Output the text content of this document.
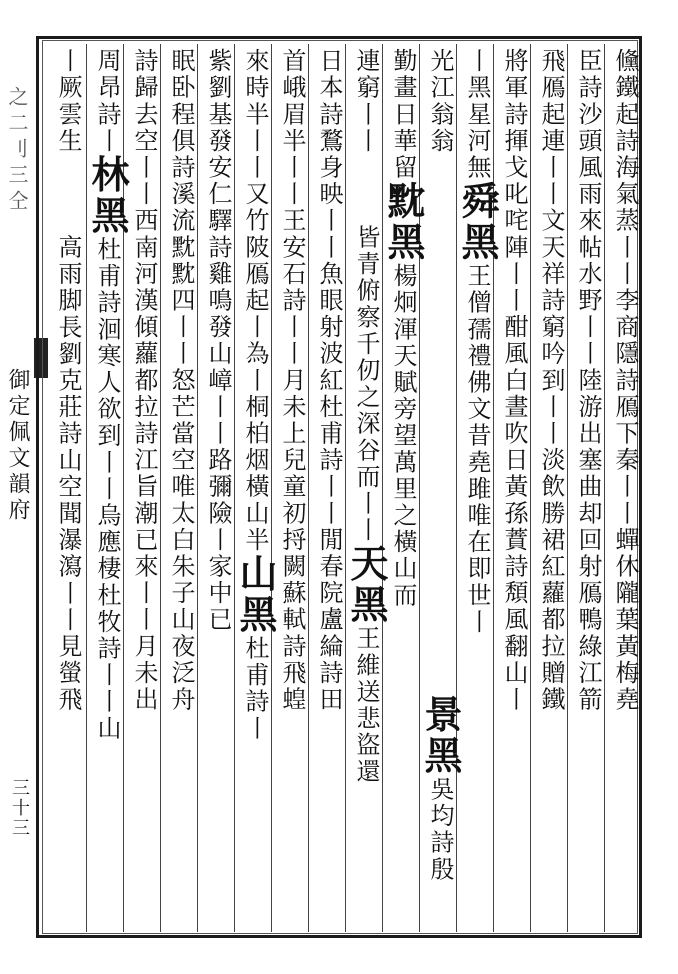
之二刂三仝
御定佩文韻府
三十三
儵鐵起詩海氣蒸丨丨李商隱詩鴈下秦丨丨蟬休隴葉黃梅堯
臣詩沙頭風雨來帖水野丨丨陸游出塞曲却回射鴈鴨綠江箭
飛鴈起連丨丨文天祥詩窮吟到丨丨淡飲勝裙紅蘿都拉贈鐵
將軍詩揮戈叱咤陣丨丨酣風白晝吹日黃孫蕡詩頽風翻山丨
丨黑星河無舜黑王僧孺禮佛文昔堯雎唯在即世丨
光江翁翁景黑吳均詩殷
勤畫日華留黕黑楊炯渾天賦旁望萬里之橫山而
連窮丨丨皆青俯察千仞之深谷而丨丨天黑王維送悲盜還
日本詩鶩身映丨丨魚眼射波紅杜甫詩丨丨閒春院盧綸詩田
首峨眉半丨丨王安石詩丨丨月未上兒童初捋闕蘇軾詩飛蝗
來時半丨丨又竹陂鴈起丨為丨桐柏烟橫山半山黑杜甫詩丨
紫劉基發安仁驛詩雞鳴發山嶂丨丨路彌險丨家中已
眠卧程俱詩溪流黕黕四丨丨怒芒當空唯太白朱子山夜泛舟
詩歸去空丨丨西南河漢傾蘿都拉詩江旨潮已來丨丨月未出
周昂詩丨林黑杜甫詩洄寒人欲到丨丨烏應棲杜牧詩丨丨山
丨厥雲生高雨脚長劉克莊詩山空聞瀑瀉丨丨見螢飛
